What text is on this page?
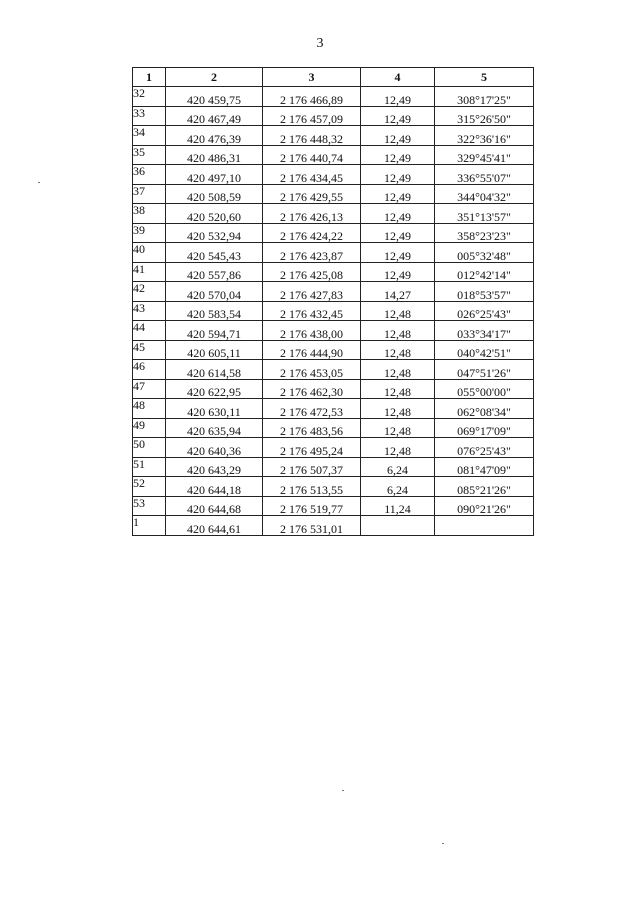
3
1	2	3	4	5
32	420 459,75	2 176 466,89	12,49	308°17'25"
33	420 467,49	2 176 457,09	12,49	315°26'50"
34	420 476,39	2 176 448,32	12,49	322°36'16"
35	420 486,31	2 176 440,74	12,49	329°45'41"
36	420 497,10	2 176 434,45	12,49	336°55'07"
37	420 508,59	2 176 429,55	12,49	344°04'32"
38	420 520,60	2 176 426,13	12,49	351°13'57"
39	420 532,94	2 176 424,22	12,49	358°23'23"
40	420 545,43	2 176 423,87	12,49	005°32'48"
41	420 557,86	2 176 425,08	12,49	012°42'14"
42	420 570,04	2 176 427,83	14,27	018°53'57"
43	420 583,54	2 176 432,45	12,48	026°25'43"
44	420 594,71	2 176 438,00	12,48	033°34'17"
45	420 605,11	2 176 444,90	12,48	040°42'51"
46	420 614,58	2 176 453,05	12,48	047°51'26"
47	420 622,95	2 176 462,30	12,48	055°00'00"
48	420 630,11	2 176 472,53	12,48	062°08'34"
49	420 635,94	2 176 483,56	12,48	069°17'09"
50	420 640,36	2 176 495,24	12,48	076°25'43"
51	420 643,29	2 176 507,37	6,24	081°47'09"
52	420 644,18	2 176 513,55	6,24	085°21'26"
53	420 644,68	2 176 519,77	11,24	090°21'26"
1	420 644,61	2 176 531,01		
